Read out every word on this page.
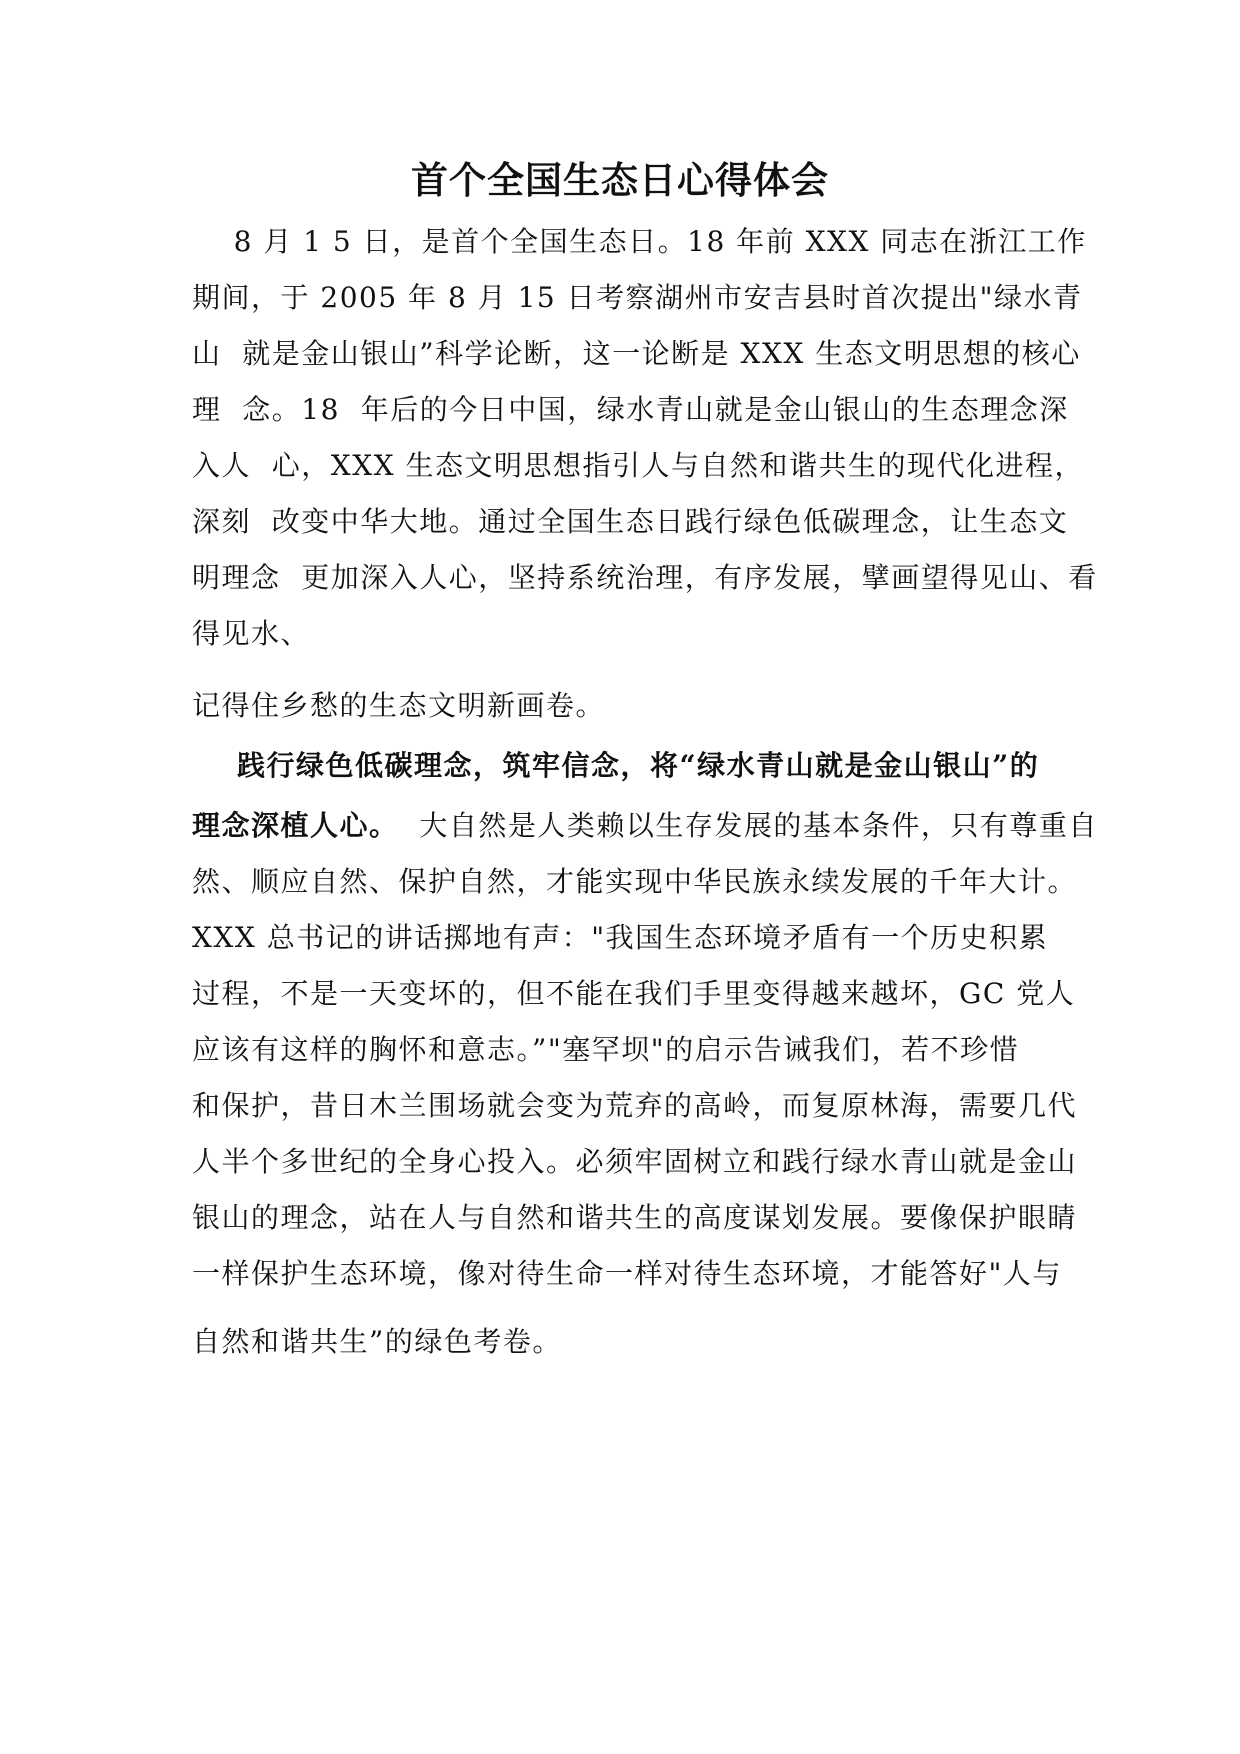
首个全国生态日心得体会

8 月 1 5 日，是首个全国生态日。18 年前 XXX 同志在浙江工作

期间，于 2005 年 8 月 15 日考察湖州市安吉县时首次提出"绿水青

山  就是金山银山”科学论断，这一论断是 XXX 生态文明思想的核心

理  念。18  年后的今日中国，绿水青山就是金山银山的生态理念深

入人  心，XXX 生态文明思想指引人与自然和谐共生的现代化进程，

深刻  改变中华大地。通过全国生态日践行绿色低碳理念，让生态文

明理念  更加深入人心，坚持系统治理，有序发展，擘画望得见山、看

得见水、

记得住乡愁的生态文明新画卷。

践行绿色低碳理念，筑牢信念，将“绿水青山就是金山银山”的

理念深植人心。  大自然是人类赖以生存发展的基本条件，只有尊重自

然、顺应自然、保护自然，才能实现中华民族永续发展的千年大计。

XXX 总书记的讲话掷地有声："我国生态环境矛盾有一个历史积累

过程，不是一天变坏的，但不能在我们手里变得越来越坏，GC 党人

应该有这样的胸怀和意志。”"塞罕坝"的启示告诫我们，若不珍惜

和保护，昔日木兰围场就会变为荒弃的高岭，而复原林海，需要几代

人半个多世纪的全身心投入。必须牢固树立和践行绿水青山就是金山

银山的理念，站在人与自然和谐共生的高度谋划发展。要像保护眼睛

一样保护生态环境，像对待生命一样对待生态环境，才能答好"人与

自然和谐共生”的绿色考卷。
